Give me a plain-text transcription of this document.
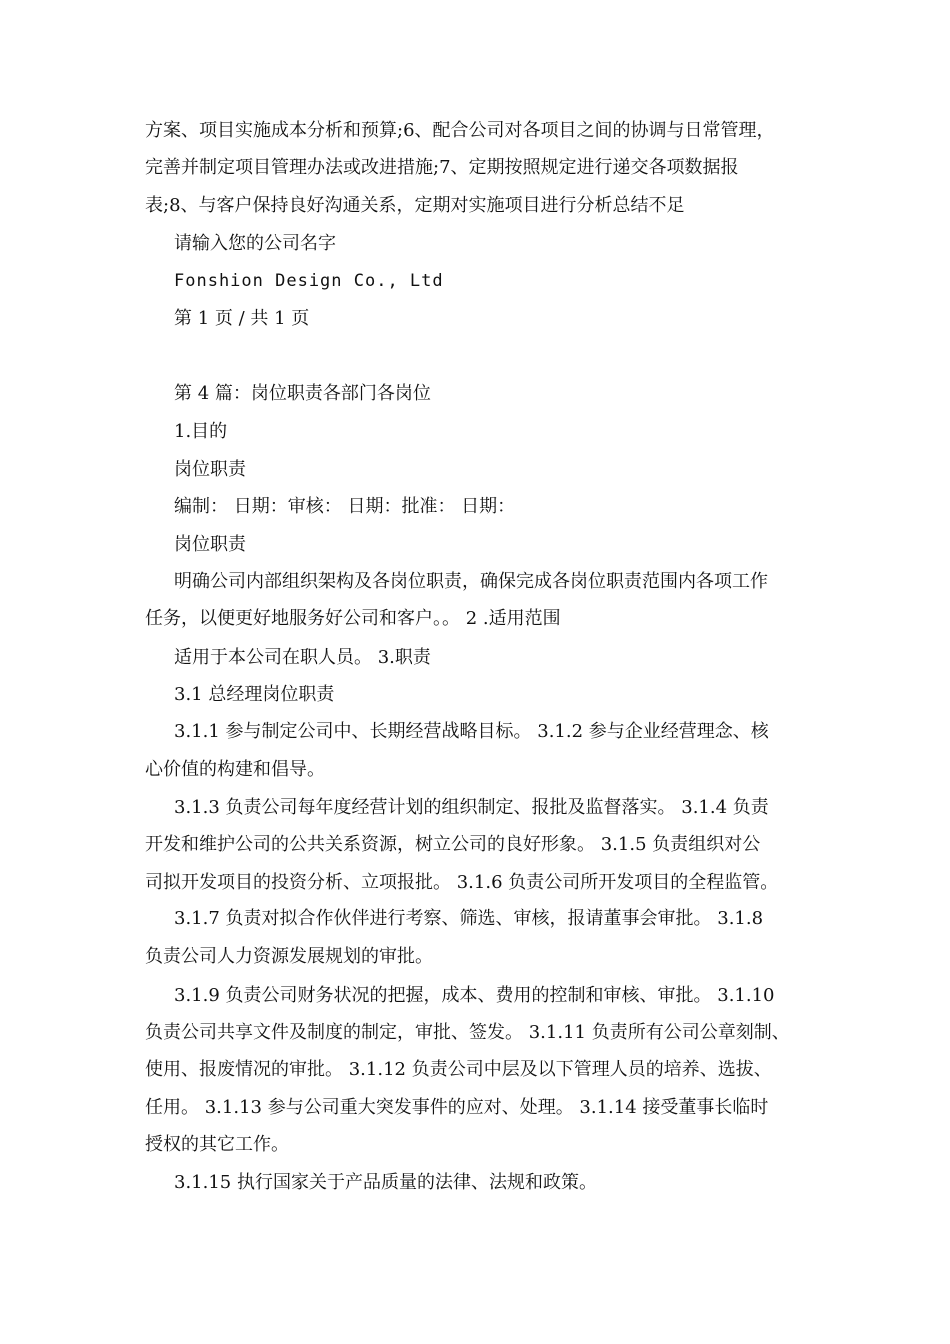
方案、项目实施成本分析和预算;6、配合公司对各项目之间的协调与日常管理，
完善并制定项目管理办法或改进措施;7、定期按照规定进行递交各项数据报
表;8、与客户保持良好沟通关系，定期对实施项目进行分析总结不足
请输入您的公司名字
Fonshion Design Co., Ltd
第 1 页 / 共 1 页
第 4 篇：岗位职责各部门各岗位
1.目的
岗位职责
编制： 日期：审核： 日期：批准： 日期：
岗位职责
明确公司内部组织架构及各岗位职责，确保完成各岗位职责范围内各项工作
任务，以便更好地服务好公司和客户。。 2 .适用范围
适用于本公司在职人员。 3.职责
3.1 总经理岗位职责
3.1.1 参与制定公司中、长期经营战略目标。 3.1.2 参与企业经营理念、核
心价值的构建和倡导。
3.1.3 负责公司每年度经营计划的组织制定、报批及监督落实。 3.1.4 负责
开发和维护公司的公共关系资源，树立公司的良好形象。 3.1.5 负责组织对公
司拟开发项目的投资分析、立项报批。 3.1.6 负责公司所开发项目的全程监管。
3.1.7 负责对拟合作伙伴进行考察、筛选、审核，报请董事会审批。 3.1.8
负责公司人力资源发展规划的审批。
3.1.9 负责公司财务状况的把握，成本、费用的控制和审核、审批。 3.1.10
负责公司共享文件及制度的制定，审批、签发。 3.1.11 负责所有公司公章刻制、
使用、报废情况的审批。 3.1.12 负责公司中层及以下管理人员的培养、选拔、
任用。 3.1.13 参与公司重大突发事件的应对、处理。 3.1.14 接受董事长临时
授权的其它工作。
3.1.15 执行国家关于产品质量的法律、法规和政策。
